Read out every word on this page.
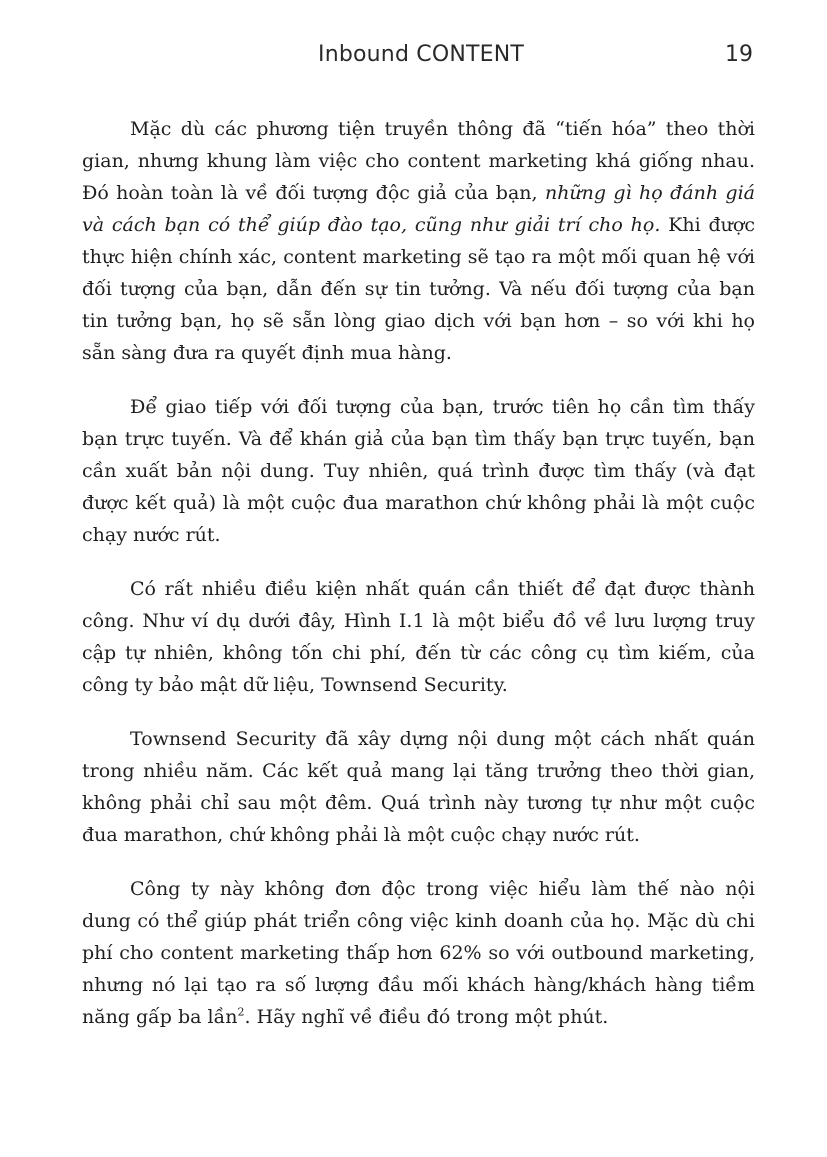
Inbound CONTENT	19

Mặc dù các phương tiện truyền thông đã “tiến hóa” theo thời gian, nhưng khung làm việc cho content marketing khá giống nhau. Đó hoàn toàn là về đối tượng độc giả của bạn, những gì họ đánh giá và cách bạn có thể giúp đào tạo, cũng như giải trí cho họ. Khi được thực hiện chính xác, content marketing sẽ tạo ra một mối quan hệ với đối tượng của bạn, dẫn đến sự tin tưởng. Và nếu đối tượng của bạn tin tưởng bạn, họ sẽ sẵn lòng giao dịch với bạn hơn – so với khi họ sẵn sàng đưa ra quyết định mua hàng.

Để giao tiếp với đối tượng của bạn, trước tiên họ cần tìm thấy bạn trực tuyến. Và để khán giả của bạn tìm thấy bạn trực tuyến, bạn cần xuất bản nội dung. Tuy nhiên, quá trình được tìm thấy (và đạt được kết quả) là một cuộc đua marathon chứ không phải là một cuộc chạy nước rút.

Có rất nhiều điều kiện nhất quán cần thiết để đạt được thành công. Như ví dụ dưới đây, Hình I.1 là một biểu đồ về lưu lượng truy cập tự nhiên, không tốn chi phí, đến từ các công cụ tìm kiếm, của công ty bảo mật dữ liệu, Townsend Security.

Townsend Security đã xây dựng nội dung một cách nhất quán trong nhiều năm. Các kết quả mang lại tăng trưởng theo thời gian, không phải chỉ sau một đêm. Quá trình này tương tự như một cuộc đua marathon, chứ không phải là một cuộc chạy nước rút.

Công ty này không đơn độc trong việc hiểu làm thế nào nội dung có thể giúp phát triển công việc kinh doanh của họ. Mặc dù chi phí cho content marketing thấp hơn 62% so với outbound marketing, nhưng nó lại tạo ra số lượng đầu mối khách hàng/khách hàng tiềm năng gấp ba lần$^2$. Hãy nghĩ về điều đó trong một phút.
